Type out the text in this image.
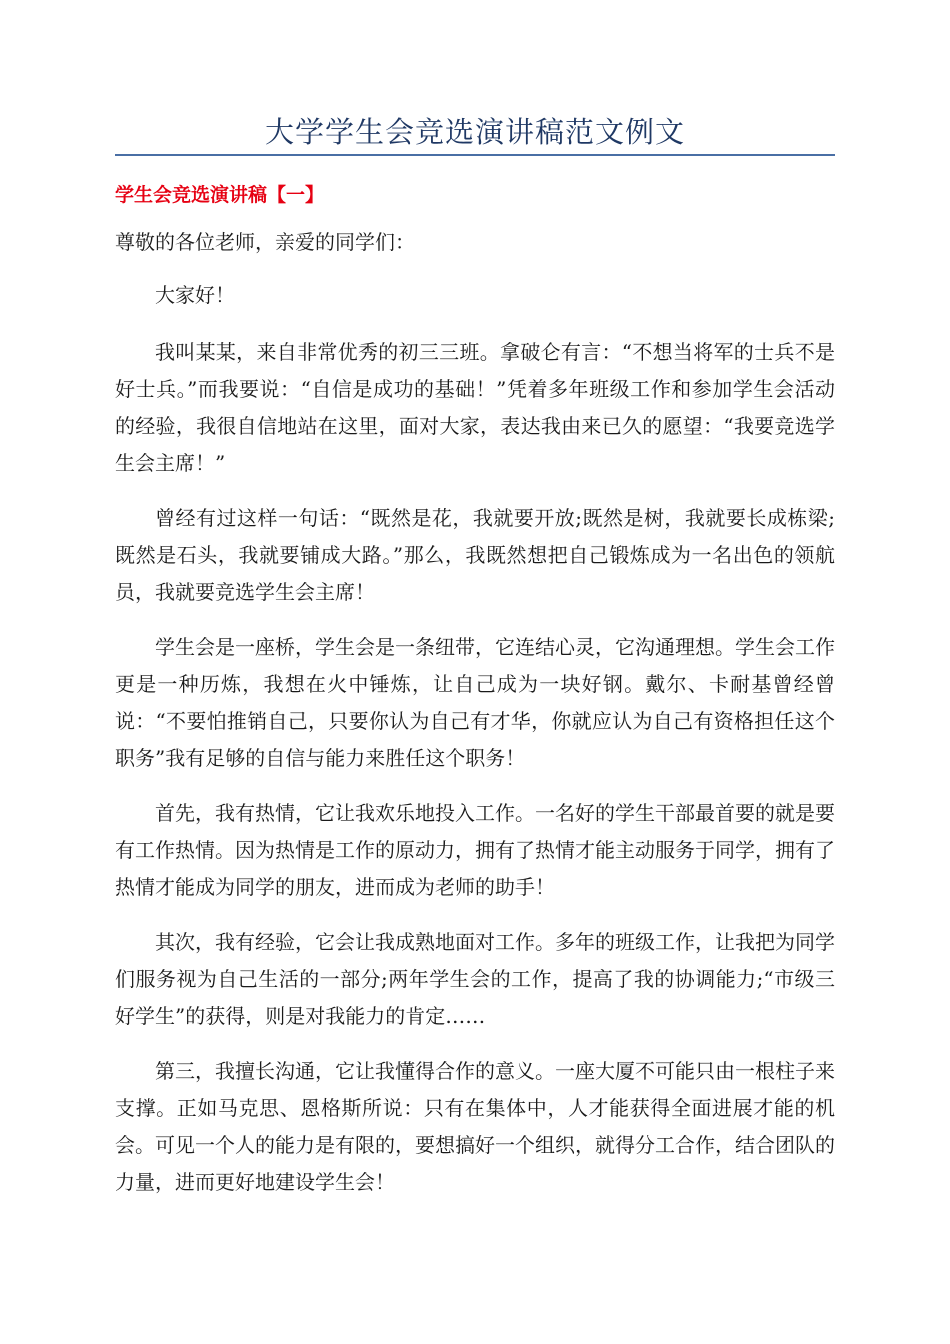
大学学生会竞选演讲稿范文例文
学生会竞选演讲稿【一】

尊敬的各位老师，亲爱的同学们：

大家好！

我叫某某，来自非常优秀的初三三班。拿破仑有言：“不想当将军的士兵不是好士兵。”而我要说：“自信是成功的基础！”凭着多年班级工作和参加学生会活动的经验，我很自信地站在这里，面对大家，表达我由来已久的愿望：“我要竞选学生会主席！”

曾经有过这样一句话：“既然是花，我就要开放;既然是树，我就要长成栋梁;既然是石头，我就要铺成大路。”那么，我既然想把自己锻炼成为一名出色的领航员，我就要竞选学生会主席！

学生会是一座桥，学生会是一条纽带，它连结心灵，它沟通理想。学生会工作更是一种历炼，我想在火中锤炼，让自己成为一块好钢。戴尔、卡耐基曾经曾说：“不要怕推销自己，只要你认为自己有才华，你就应认为自己有资格担任这个职务”我有足够的自信与能力来胜任这个职务！

首先，我有热情，它让我欢乐地投入工作。一名好的学生干部最首要的就是要有工作热情。因为热情是工作的原动力，拥有了热情才能主动服务于同学，拥有了热情才能成为同学的朋友，进而成为老师的助手！

其次，我有经验，它会让我成熟地面对工作。多年的班级工作，让我把为同学们服务视为自己生活的一部分;两年学生会的工作，提高了我的协调能力;“市级三好学生”的获得，则是对我能力的肯定……

第三，我擅长沟通，它让我懂得合作的意义。一座大厦不可能只由一根柱子来支撑。正如马克思、恩格斯所说：只有在集体中，人才能获得全面进展才能的机会。可见一个人的能力是有限的，要想搞好一个组织，就得分工合作，结合团队的力量，进而更好地建设学生会！
